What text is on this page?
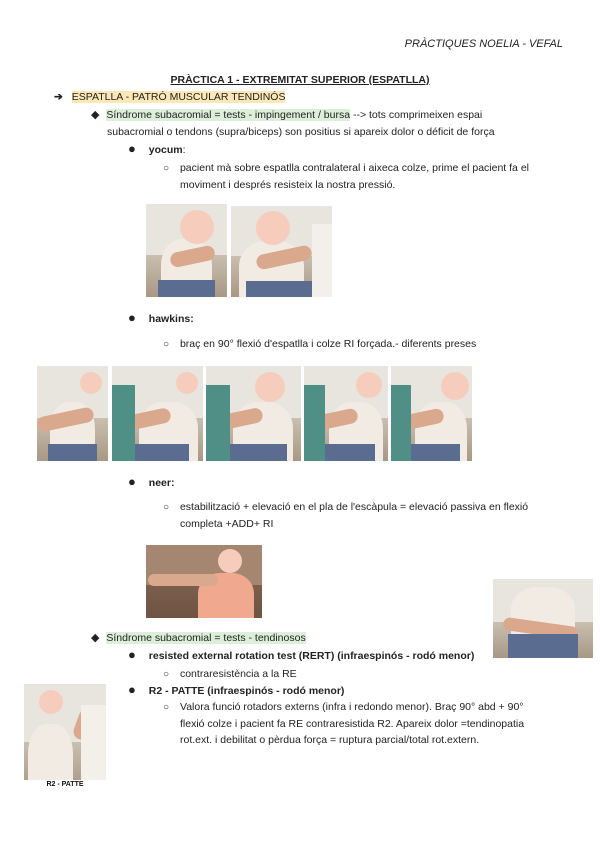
PRÀCTIQUES NOELIA - VEFAL
PRÀCTICA 1 - EXTREMITAT SUPERIOR (ESPATLLA)
➔ ESPATLLA - PATRÓ MUSCULAR TENDINÓS
◆ Síndrome subacromial = tests - impingement / bursa --> tots comprimeixen espai
subacromial o tendons (supra/biceps) son positius si apareix dolor o déficit de força
● yocum:
○ pacient mà sobre espatlla contralateral i aixeca colze, prime el pacient fa el
moviment i després resisteix la nostra pressió.
● hawkins:
○ braç en 90° flexió d'espatlla i colze RI forçada.- diferents preses
● neer:
○ estabilització + elevació en el pla de l'escàpula = elevació passiva en flexió
completa +ADD+ RI
◆ Síndrome subacromial = tests - tendinosos
● resisted external rotation test (RERT) (infraespinós - rodó menor)
○ contraresistència a la RE
● R2 - PATTE (infraespinós - rodó menor)
○ Valora funció rotadors externs (infra i redondo menor). Braç 90° abd + 90°
flexió colze i pacient fa RE contraresistida R2. Apareix dolor =tendinopatia
rot.ext. i debilitat o pèrdua força = ruptura parcial/total rot.extern.
R2 - PATTE
